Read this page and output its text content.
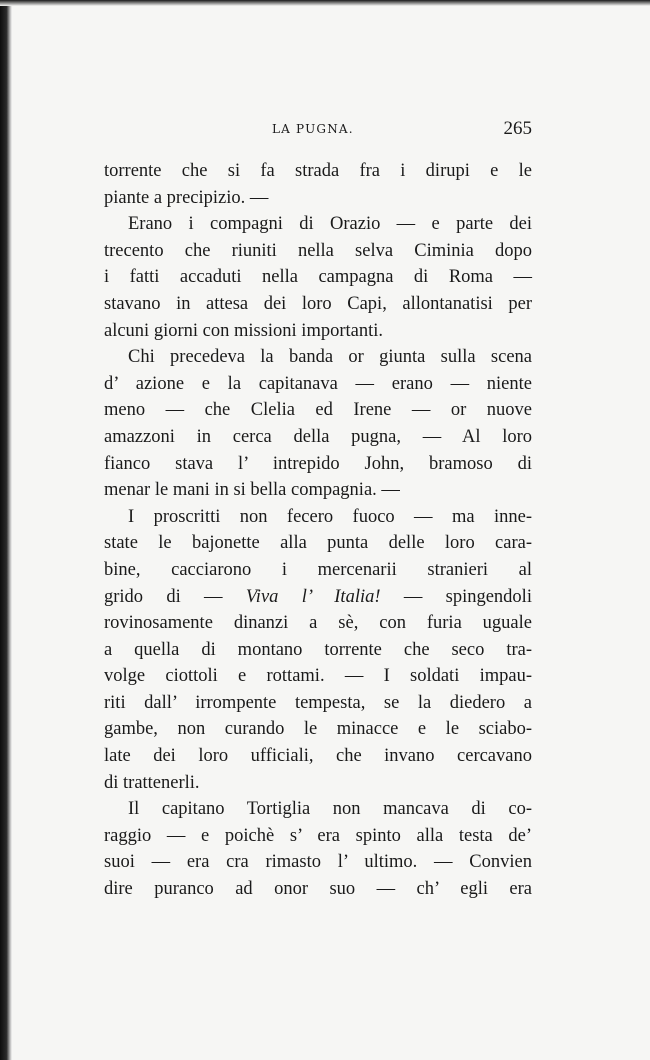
LA PUGNA.	265
torrente che si fa strada fra i dirupi e le
piante a precipizio. —
Erano i compagni di Orazio — e parte dei
trecento che riuniti nella selva Ciminia dopo
i fatti accaduti nella campagna di Roma —
stavano in attesa dei loro Capi, allontanatisi per
alcuni giorni con missioni importanti.
Chi precedeva la banda or giunta sulla scena
d’ azione e la capitanava — erano — niente
meno — che Clelia ed Irene — or nuove
amazzoni in cerca della pugna, — Al loro
fianco stava l’ intrepido John, bramoso di
menar le mani in si bella compagnia. —
I proscritti non fecero fuoco — ma inne-
state le bajonette alla punta delle loro cara-
bine, cacciarono i mercenarii stranieri al
grido di — Viva l’ Italia! — spingendoli
rovinosamente dinanzi a sè, con furia uguale
a quella di montano torrente che seco tra-
volge ciottoli e rottami. — I soldati impau-
riti dall’ irrompente tempesta, se la diedero a
gambe, non curando le minacce e le sciabo-
late dei loro ufficiali, che invano cercavano
di trattenerli.
Il capitano Tortiglia non mancava di co-
raggio — e poichè s’ era spinto alla testa de’
suoi — era cra rimasto l’ ultimo. — Convien
dire puranco ad onor suo — ch’ egli era
